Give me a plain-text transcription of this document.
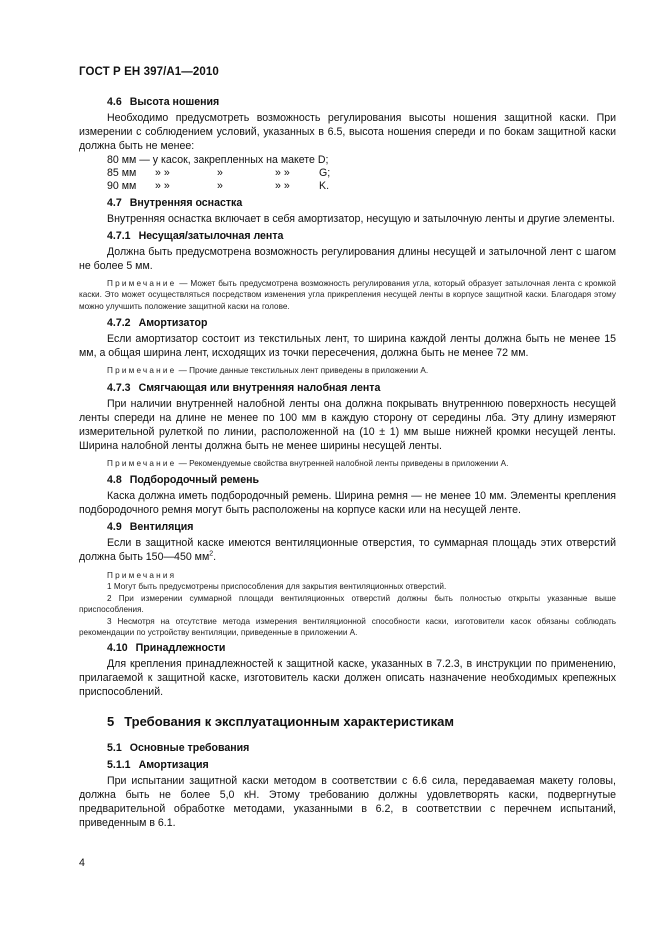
ГОСТ Р ЕН 397/А1—2010
4.6 Высота ношения

Необходимо предусмотреть возможность регулирования высоты ношения защитной каски. При измерении с соблюдением условий, указанных в 6.5, высота ношения спереди и по бокам защитной каски должна быть не менее:

80 мм — у касок, закрепленных на макете D;

85 мм	» »	»	» »	G;
90 мм	» »	»	» »	K.
4.7 Внутренняя оснастка

Внутренняя оснастка включает в себя амортизатор, несущую и затылочную ленты и другие элементы.

4.7.1 Несущая/затылочная лента

Должна быть предусмотрена возможность регулирования длины несущей и затылочной лент с шагом не более 5 мм.

Примечание — Может быть предусмотрена возможность регулирования угла, который образует затылочная лента с кромкой каски. Это может осуществляться посредством изменения угла прикрепления несущей ленты в корпусе защитной каски. Благодаря этому можно улучшить положение защитной каски на голове.

4.7.2 Амортизатор

Если амортизатор состоит из текстильных лент, то ширина каждой ленты должна быть не менее 15 мм, а общая ширина лент, исходящих из точки пересечения, должна быть не менее 72 мм.

Примечание — Прочие данные текстильных лент приведены в приложении А.

4.7.3 Смягчающая или внутренняя налобная лента

При наличии внутренней налобной ленты она должна покрывать внутреннюю поверхность несущей ленты спереди на длине не менее по 100 мм в каждую сторону от середины лба. Эту длину измеряют измерительной рулеткой по линии, расположенной на (10 ± 1) мм выше нижней кромки несущей ленты. Ширина налобной ленты должна быть не менее ширины несущей ленты.

Примечание — Рекомендуемые свойства внутренней налобной ленты приведены в приложении А.

4.8 Подбородочный ремень

Каска должна иметь подбородочный ремень. Ширина ремня — не менее 10 мм. Элементы крепления подбородочного ремня могут быть расположены на корпусе каски или на несущей ленте.

4.9 Вентиляция

Если в защитной каске имеются вентиляционные отверстия, то суммарная площадь этих отверстий должна быть 150—450 $мм^2$.

Примечания

1 Могут быть предусмотрены приспособления для закрытия вентиляционных отверстий.

2 При измерении суммарной площади вентиляционных отверстий должны быть полностью открыты указанные выше приспособления.

3 Несмотря на отсутствие метода измерения вентиляционной способности каски, изготовители касок обязаны соблюдать рекомендации по устройству вентиляции, приведенные в приложении А.

4.10 Принадлежности

Для крепления принадлежностей к защитной каске, указанных в 7.2.3, в инструкции по применению, прилагаемой к защитной каске, изготовитель каски должен описать назначение необходимых крепежных приспособлений.

5 Требования к эксплуатационным характеристикам
5.1 Основные требования
5.1.1 Амортизация

При испытании защитной каски методом в соответствии с 6.6 сила, передаваемая макету головы, должна быть не более 5,0 кН. Этому требованию должны удовлетворять каски, подвергнутые предварительной обработке методами, указанными в 6.2, в соответствии с перечнем испытаний, приведенным в 6.1.

4
